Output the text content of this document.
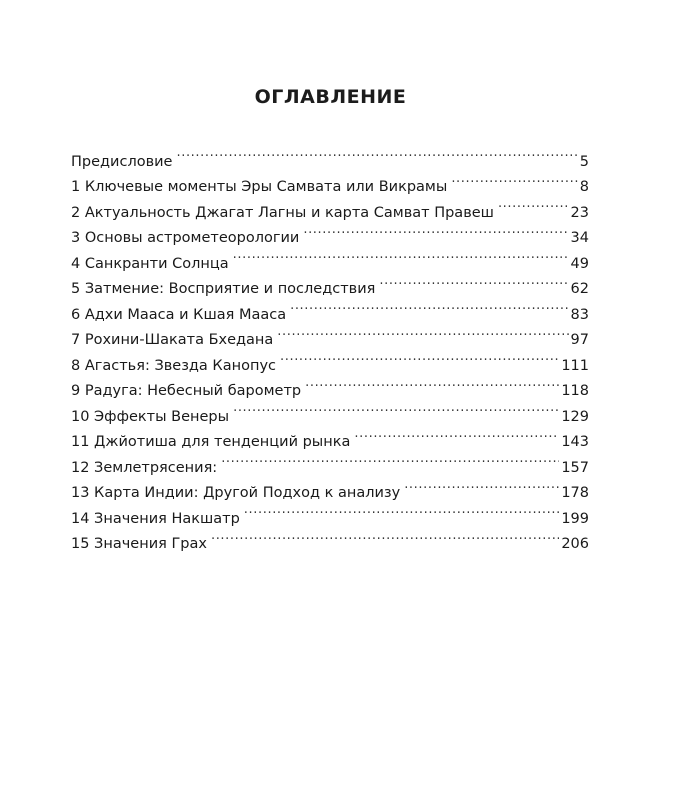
ОГЛАВЛЕНИЕ
Предисловие .....	5
1 Ключевые моменты Эры Самвата или Викрамы .....	8
2 Актуальность Джагат Лагны и карта Самват Правеш .....	23
3 Основы астрометеорологии .....	34
4 Санкранти Солнца .....	49
5 Затмение: Восприятие и последствия .....	62
6 Адхи Мааса и Кшая Мааса .....	83
7 Рохини-Шаката Бхедана .....	97
8 Агастья: Звезда Канопус .....	111
9 Радуга: Небесный барометр .....	118
10 Эффекты Венеры .....	129
11 Джйотиша для тенденций рынка .....	143
12 Землетрясения: .....	157
13 Карта Индии: Другой Подход к анализу .....	178
14 Значения Накшатр .....	199
15 Значения Грах .....	206
